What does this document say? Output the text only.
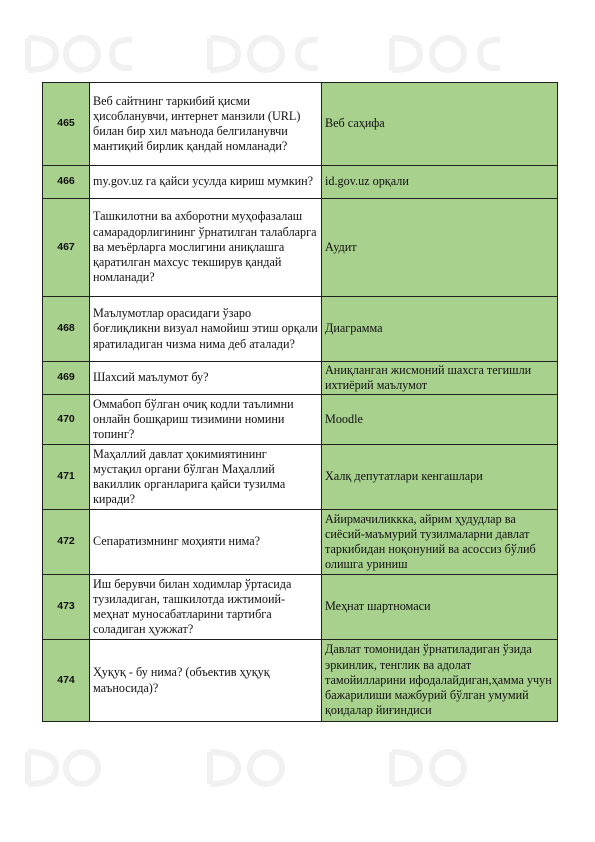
465	Веб сайтнинг таркибий қисми ҳисобланувчи, интернет манзили (URL) билан бир хил маънода белгиланувчи мантиқий бирлик қандай номланади?	Веб саҳифа
466	my.gov.uz га қайси усулда кириш мумкин?	id.gov.uz орқали
467	Ташкилотни ва ахборотни муҳофазалаш самарадорлигининг ўрнатилган талабларга ва меъёрларга мослигини аниқлашга қаратилган махсус текширув қандай номланади?	Аудит
468	Маълумотлар орасидаги ўзаро боғлиқликни визуал намойиш этиш орқали яратиладиган чизма нима деб аталади?	Диаграмма
469	Шахсий маълумот бу?	Аниқланган жисмоний шахсга тегишли ихтиёрий маълумот
470	Оммабоп бўлган очиқ кодли таълимни онлайн бошқариш тизимини номини топинг?	Moodle
471	Маҳаллий давлат ҳокимиятининг мустақил органи бўлган Маҳаллий вакиллик органларига қайси тузилма киради?	Халқ депутатлари кенгашлари
472	Сепаратизмнинг моҳияти нима?	Айирмачиликкка, айрим ҳудудлар ва сиёсий-маъмурий тузилмаларни давлат таркибидан ноқонуний ва асоссиз бўлиб олишга уриниш
473	Иш берувчи билан ходимлар ўртасида тузиладиган, ташкилотда ижтимоий-меҳнат муносабатларини тартибга соладиган ҳужжат?	Меҳнат шартномаси
474	Ҳуқуқ - бу нима? (объектив ҳуқуқ маъносида)?	Давлат томонидан ўрнатиладиган ўзида эркинлик, тенглик ва адолат тамойилларини ифодалайдиган,ҳамма учун бажарилиши мажбурий бўлган умумий қоидалар йиғиндиси
